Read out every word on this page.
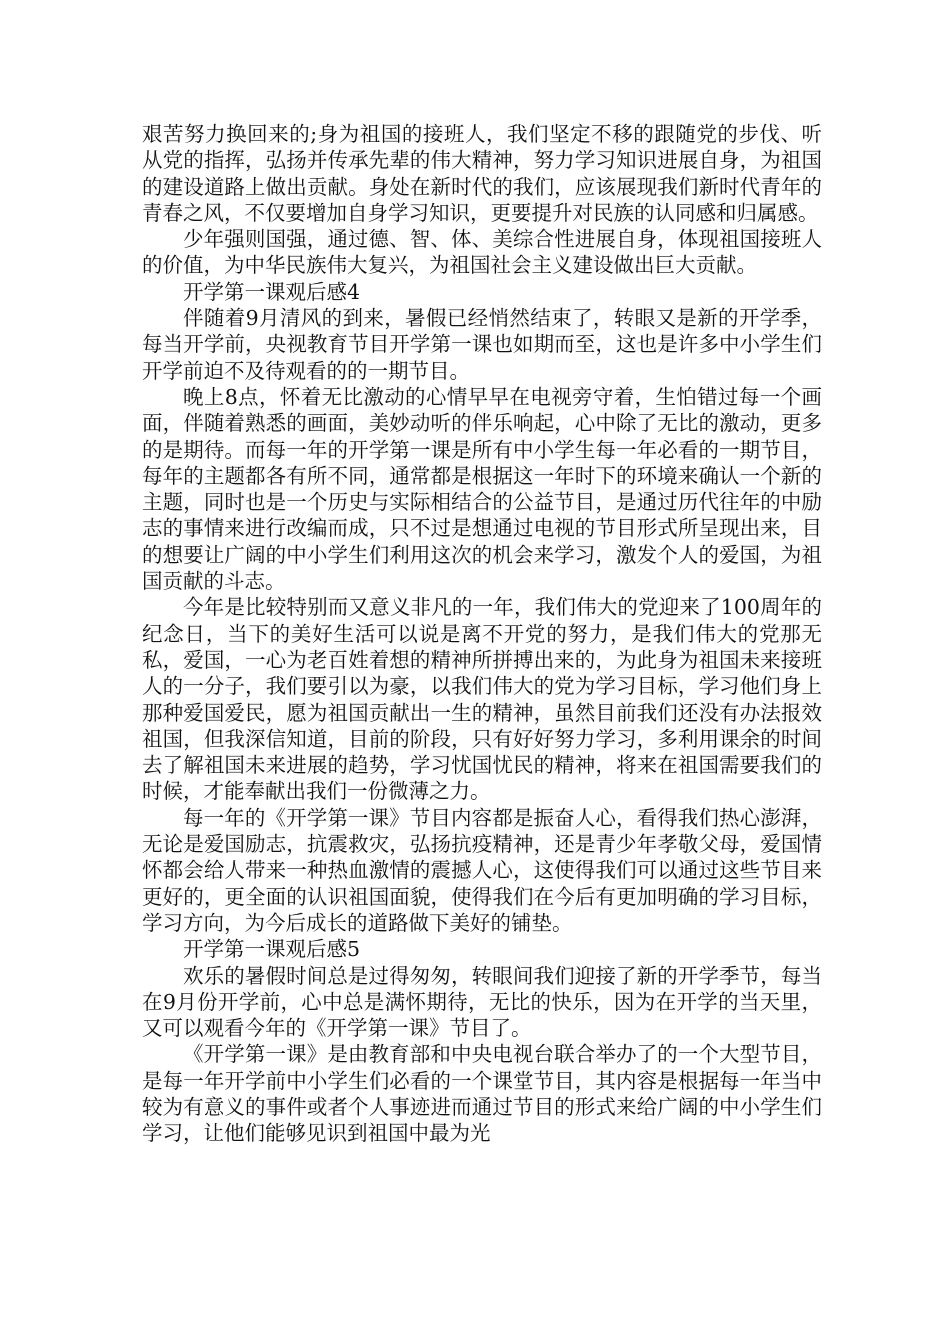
艰苦努力换回来的;身为祖国的接班人，我们坚定不移的跟随党的步伐、听从党的指挥，弘扬并传承先辈的伟大精神，努力学习知识进展自身，为祖国的建设道路上做出贡献。身处在新时代的我们，应该展现我们新时代青年的青春之风，不仅要增加自身学习知识，更要提升对民族的认同感和归属感。

少年强则国强，通过德、智、体、美综合性进展自身，体现祖国接班人的价值，为中华民族伟大复兴，为祖国社会主义建设做出巨大贡献。

开学第一课观后感4

伴随着9月清风的到来，暑假已经悄然结束了，转眼又是新的开学季，每当开学前，央视教育节目开学第一课也如期而至，这也是许多中小学生们开学前迫不及待观看的的一期节目。

晚上8点，怀着无比激动的心情早早在电视旁守着，生怕错过每一个画面，伴随着熟悉的画面，美妙动听的伴乐响起，心中除了无比的激动，更多的是期待。而每一年的开学第一课是所有中小学生每一年必看的一期节目，每年的主题都各有所不同，通常都是根据这一年时下的环境来确认一个新的主题，同时也是一个历史与实际相结合的公益节目，是通过历代往年的中励志的事情来进行改编而成，只不过是想通过电视的节目形式所呈现出来，目的想要让广阔的中小学生们利用这次的机会来学习，激发个人的爱国，为祖国贡献的斗志。

今年是比较特别而又意义非凡的一年，我们伟大的党迎来了100周年的纪念日，当下的美好生活可以说是离不开党的努力，是我们伟大的党那无私，爱国，一心为老百姓着想的精神所拼搏出来的，为此身为祖国未来接班人的一分子，我们要引以为豪，以我们伟大的党为学习目标，学习他们身上那种爱国爱民，愿为祖国贡献出一生的精神，虽然目前我们还没有办法报效祖国，但我深信知道，目前的阶段，只有好好努力学习，多利用课余的时间去了解祖国未来进展的趋势，学习忧国忧民的精神，将来在祖国需要我们的时候，才能奉献出我们一份微薄之力。

每一年的《开学第一课》节目内容都是振奋人心，看得我们热心澎湃，无论是爱国励志，抗震救灾，弘扬抗疫精神，还是青少年孝敬父母，爱国情怀都会给人带来一种热血激情的震撼人心，这使得我们可以通过这些节目来更好的，更全面的认识祖国面貌，使得我们在今后有更加明确的学习目标，学习方向，为今后成长的道路做下美好的铺垫。

开学第一课观后感5

欢乐的暑假时间总是过得匆匆，转眼间我们迎接了新的开学季节，每当在9月份开学前，心中总是满怀期待，无比的快乐，因为在开学的当天里，又可以观看今年的《开学第一课》节目了。

《开学第一课》是由教育部和中央电视台联合举办了的一个大型节目，是每一年开学前中小学生们必看的一个课堂节目，其内容是根据每一年当中较为有意义的事件或者个人事迹进而通过节目的形式来给广阔的中小学生们学习，让他们能够见识到祖国中最为光
